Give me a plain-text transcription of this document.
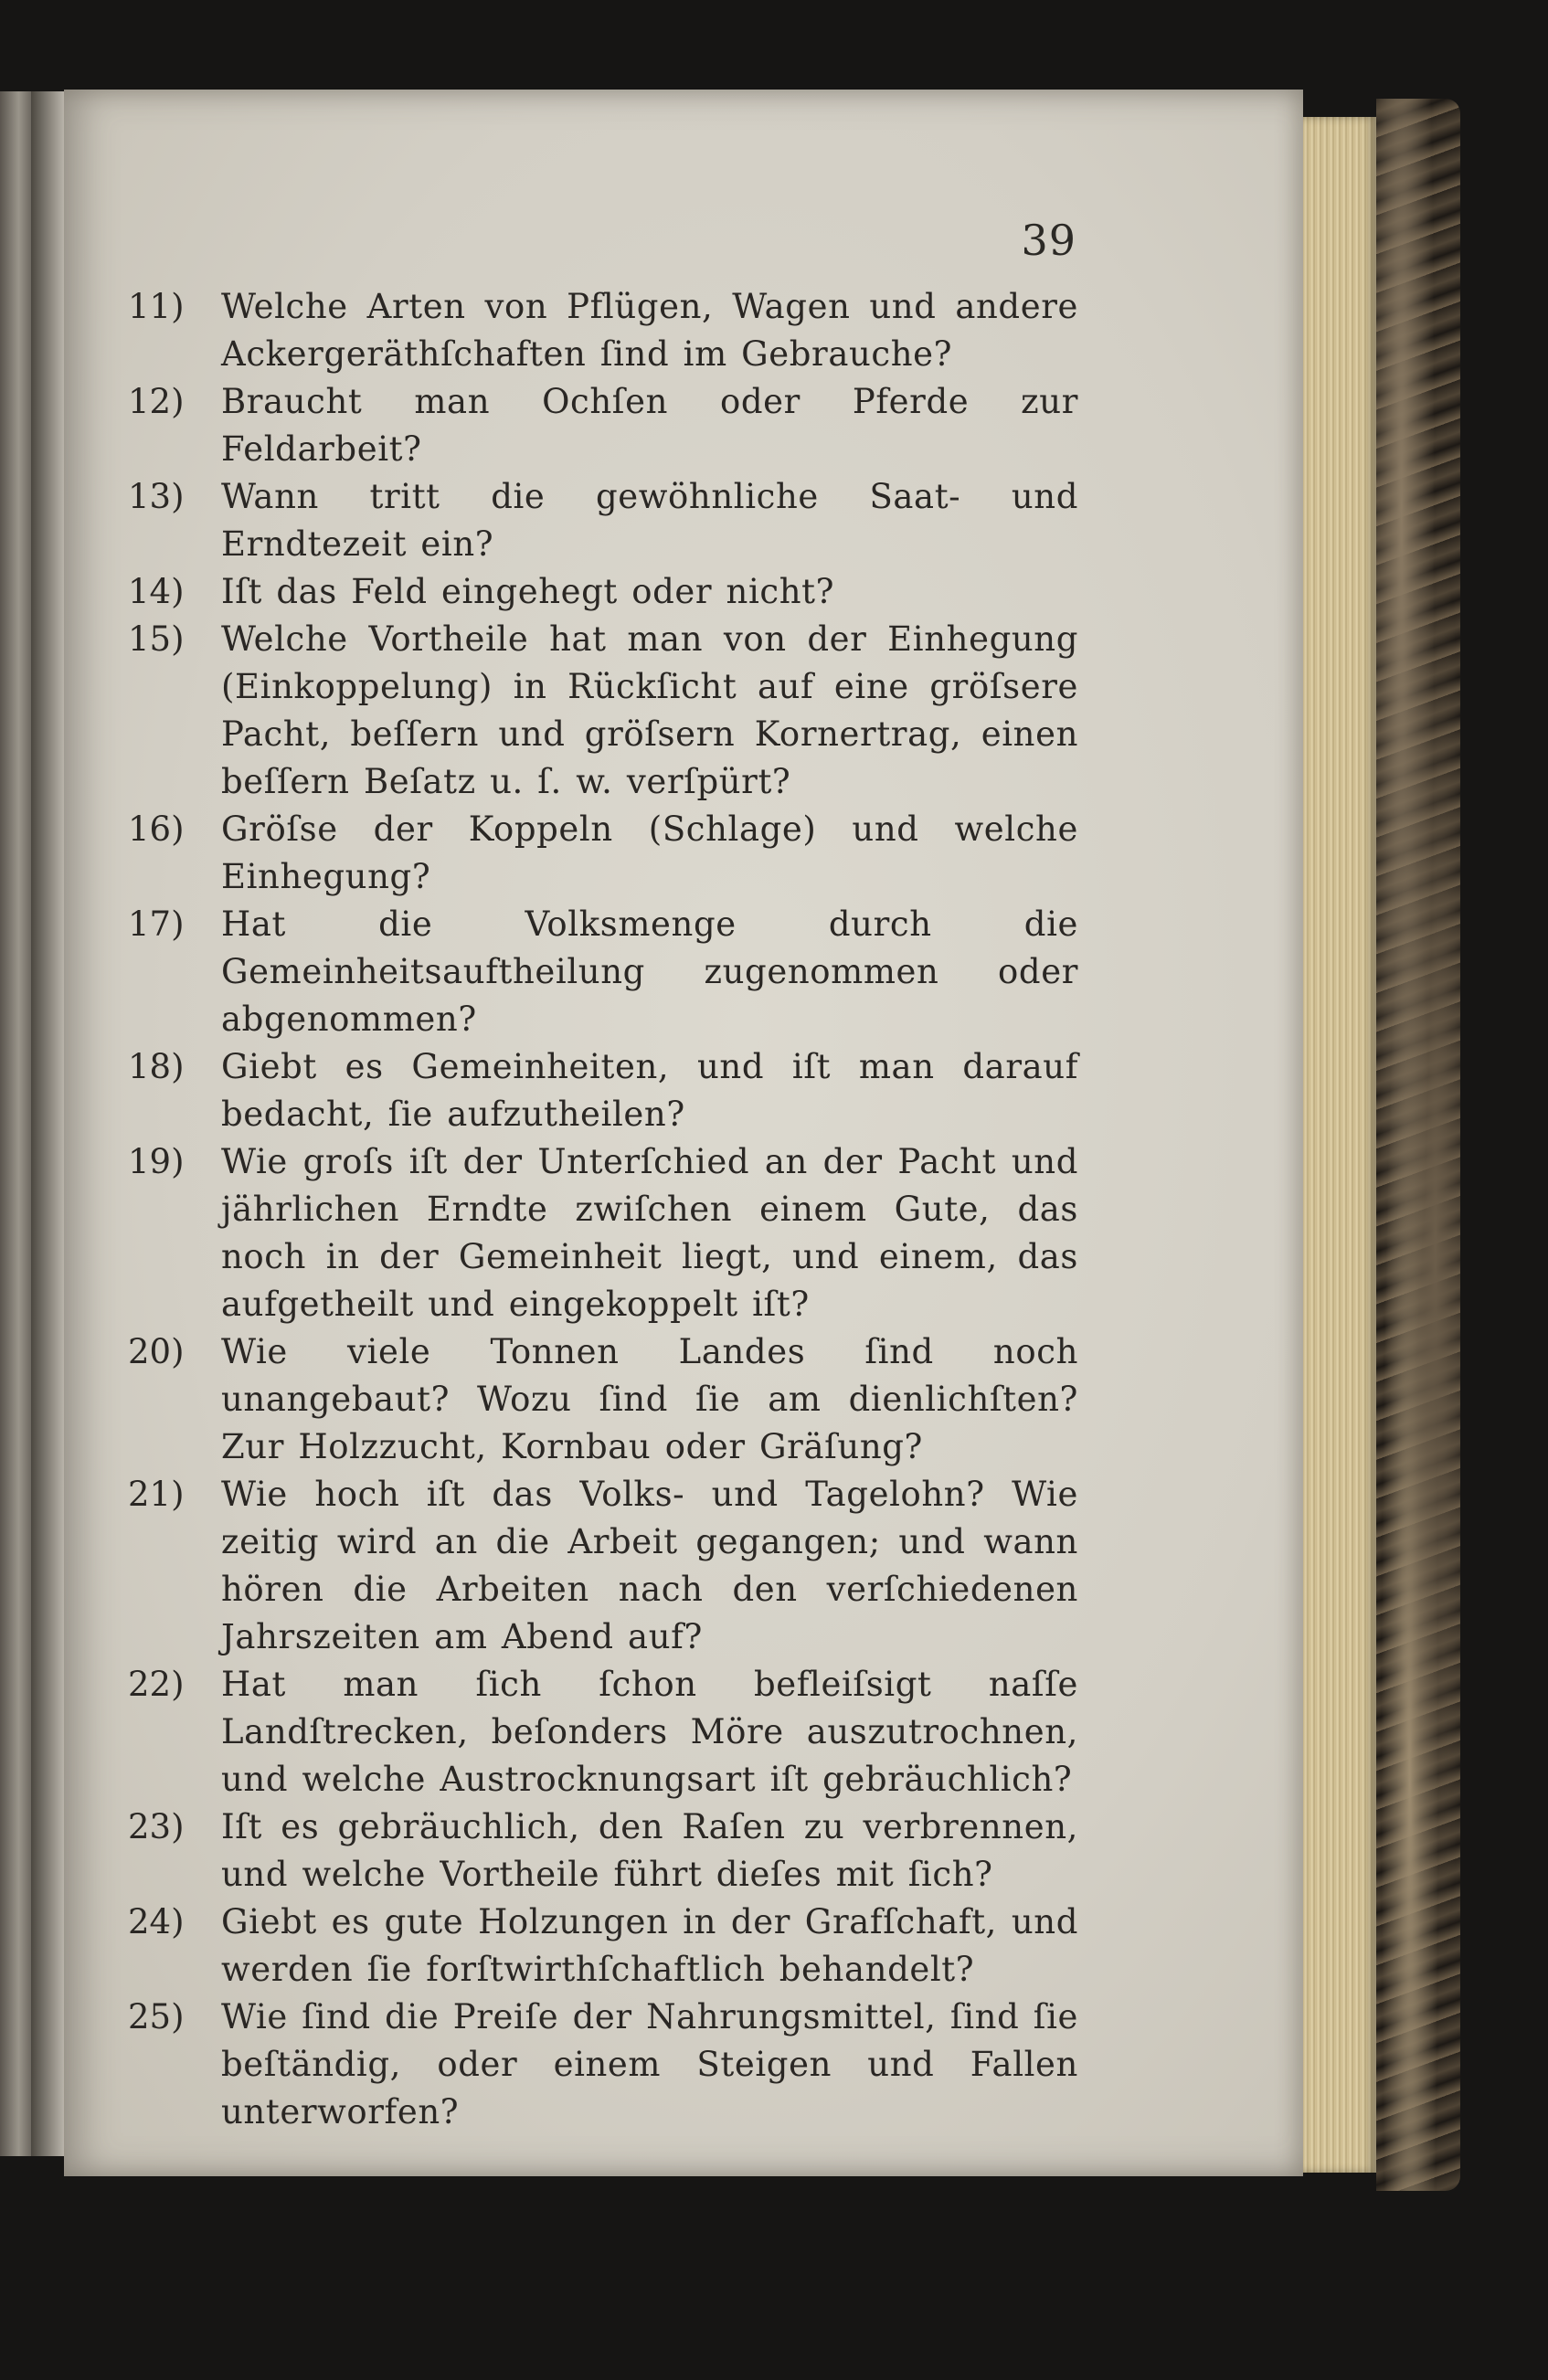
39
11)	Welche Arten von Pflügen, Wagen und andere Ackergeräthſchaften ſind im Gebrauche?
12)	Braucht man Ochſen oder Pferde zur Feldarbeit?
13)	Wann tritt die gewöhnliche Saat- und Erndtezeit ein?
14)	Iſt das Feld eingehegt oder nicht?
15)	Welche Vortheile hat man von der Einhegung (Einkoppelung) in Rückſicht auf eine gröſsere Pacht, beſſern und gröſsern Kornertrag, einen beſſern Beſatz u. ſ. w. verſpürt?
16)	Gröſse der Koppeln (Schlage) und welche Einhegung?
17)	Hat die Volksmenge durch die Gemeinheitsauftheilung zugenommen oder abgenommen?
18)	Giebt es Gemeinheiten, und iſt man darauf bedacht, ſie aufzutheilen?
19)	Wie groſs iſt der Unterſchied an der Pacht und jährlichen Erndte zwiſchen einem Gute, das noch in der Gemeinheit liegt, und einem, das aufgetheilt und eingekoppelt iſt?
20)	Wie viele Tonnen Landes ſind noch unangebaut? Wozu ſind ſie am dienlichſten? Zur Holzzucht, Kornbau oder Gräſung?
21)	Wie hoch iſt das Volks- und Tagelohn? Wie zeitig wird an die Arbeit gegangen; und wann hören die Arbeiten nach den verſchiedenen Jahrszeiten am Abend auf?
22)	Hat man ſich ſchon befleiſsigt naſſe Landſtrecken, beſonders Möre auszutrochnen, und welche Austrocknungsart iſt gebräuchlich?
23)	Iſt es gebräuchlich, den Raſen zu verbrennen, und welche Vortheile führt dieſes mit ſich?
24)	Giebt es gute Holzungen in der Grafſchaft, und werden ſie forſtwirthſchaftlich behandelt?
25)	Wie ſind die Preiſe der Nahrungsmittel, ſind ſie beſtändig, oder einem Steigen und Fallen unterworfen?
